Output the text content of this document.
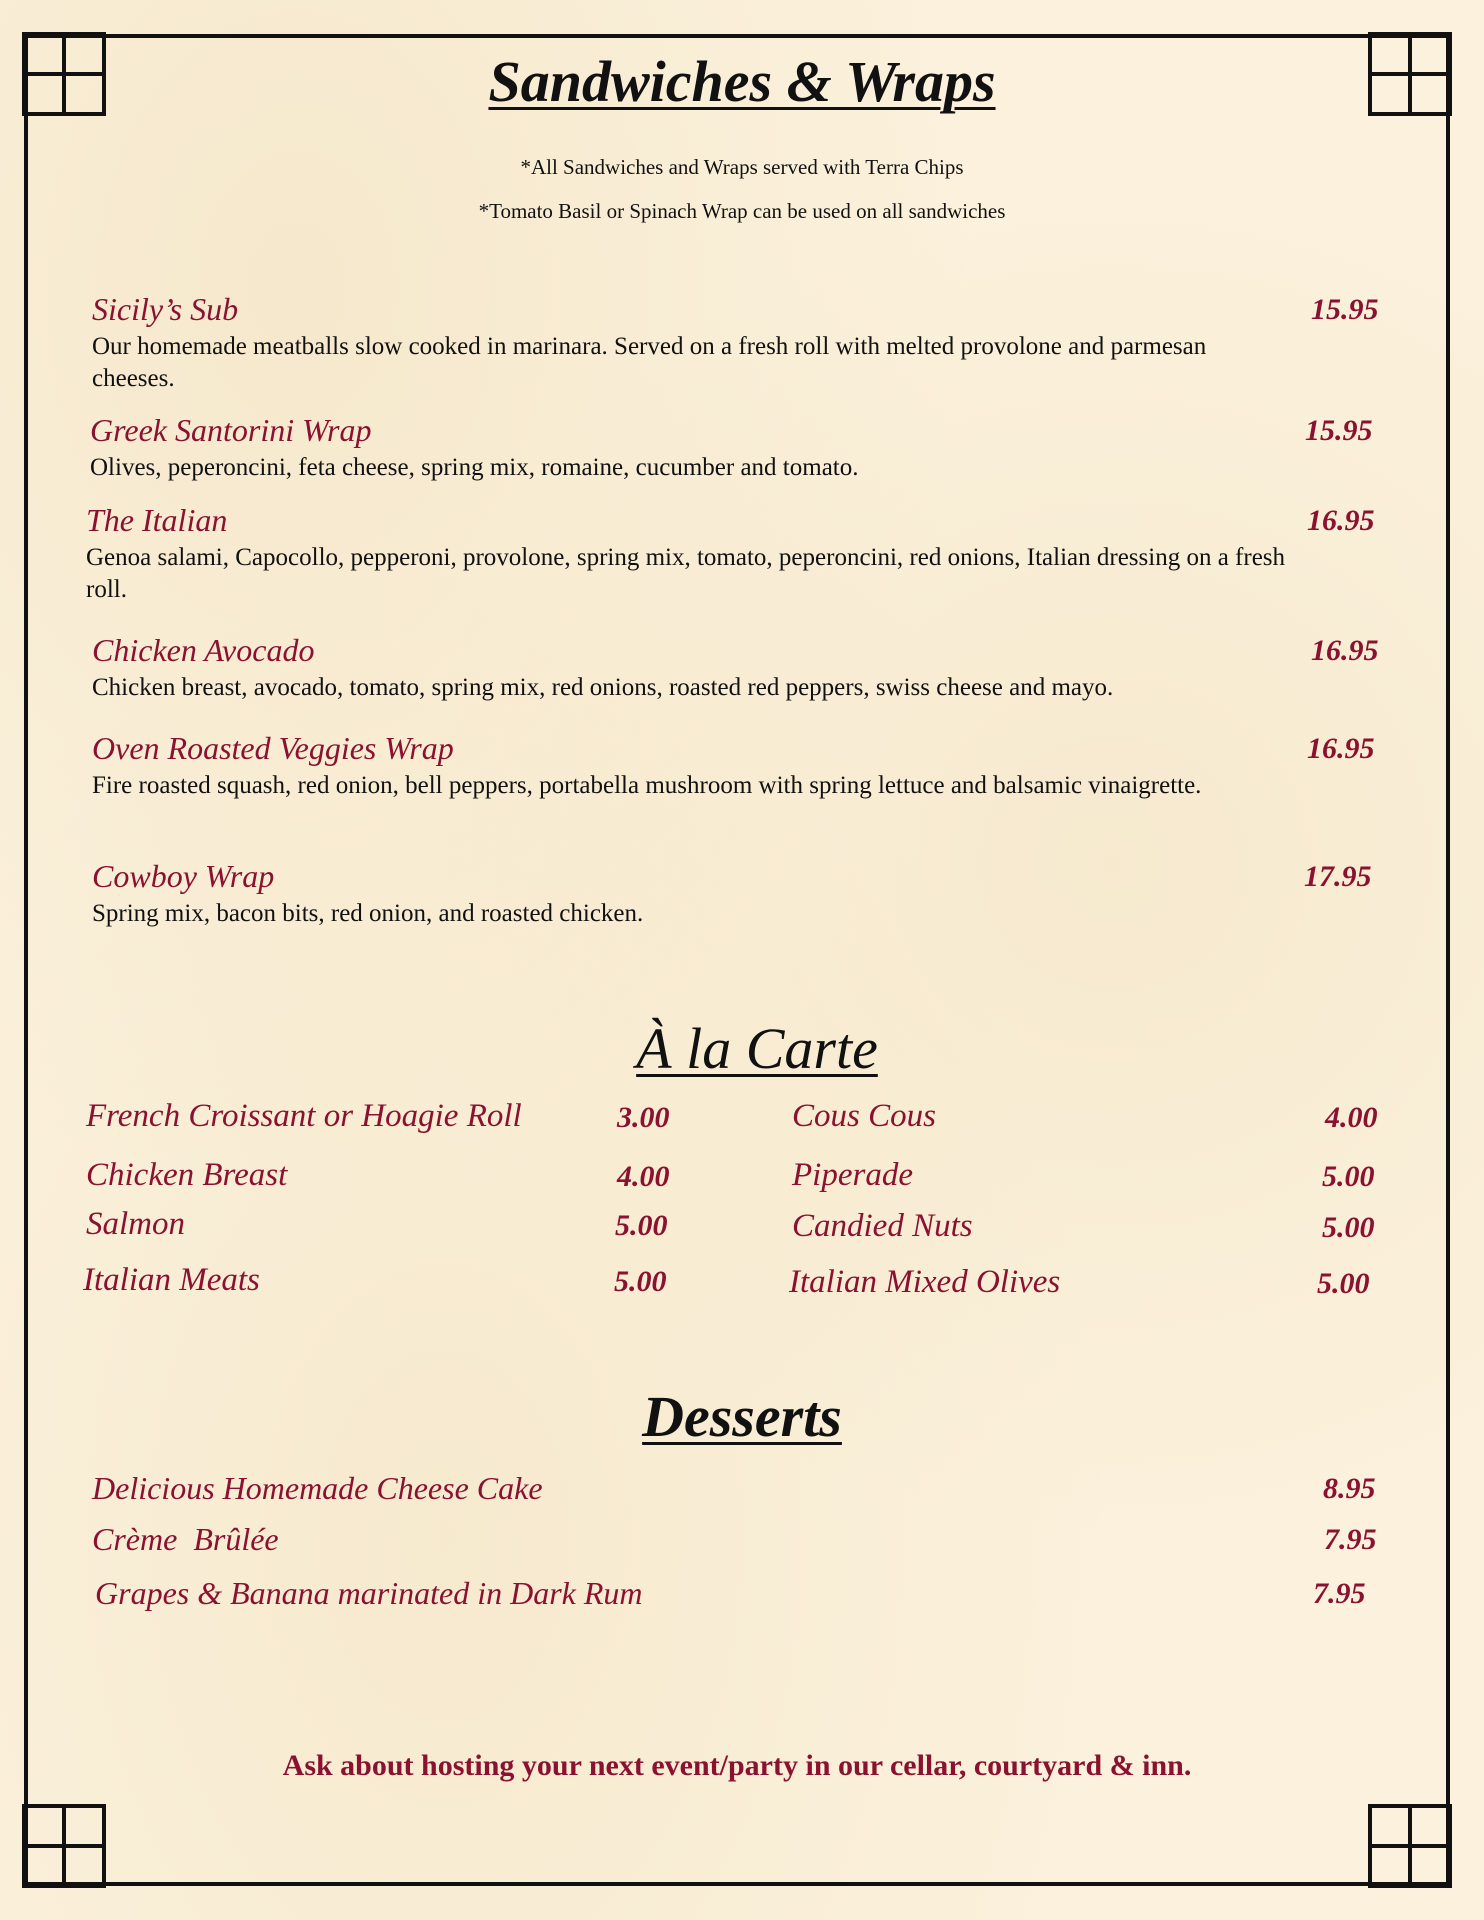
Sandwiches & Wraps
*All Sandwiches and Wraps served with Terra Chips
*Tomato Basil or Spinach Wrap can be used on all sandwiches
Sicily’s Sub	15.95
Our homemade meatballs slow cooked in marinara. Served on a fresh roll with melted provolone and parmesan cheeses.
Greek Santorini Wrap	15.95
Olives, peperoncini, feta cheese, spring mix, romaine, cucumber and tomato.
The Italian	16.95
Genoa salami, Capocollo, pepperoni, provolone, spring mix, tomato, peperoncini, red onions, Italian dressing on a fresh roll.
Chicken Avocado	16.95
Chicken breast, avocado, tomato, spring mix, red onions, roasted red peppers, swiss cheese and mayo.
Oven Roasted Veggies Wrap	16.95
Fire roasted squash, red onion, bell peppers, portabella mushroom with spring lettuce and balsamic vinaigrette.
Cowboy Wrap	17.95
Spring mix, bacon bits, red onion, and roasted chicken.
À la Carte
French Croissant or Hoagie Roll	3.00
Chicken Breast	4.00
Salmon	5.00
Italian Meats	5.00
Cous Cous	4.00
Piperade	5.00
Candied Nuts	5.00
Italian Mixed Olives	5.00
Desserts
Delicious Homemade Cheese Cake	8.95
Crème  Brûlée	7.95
Grapes & Banana marinated in Dark Rum	7.95
Ask about hosting your next event/party in our cellar, courtyard & inn.
